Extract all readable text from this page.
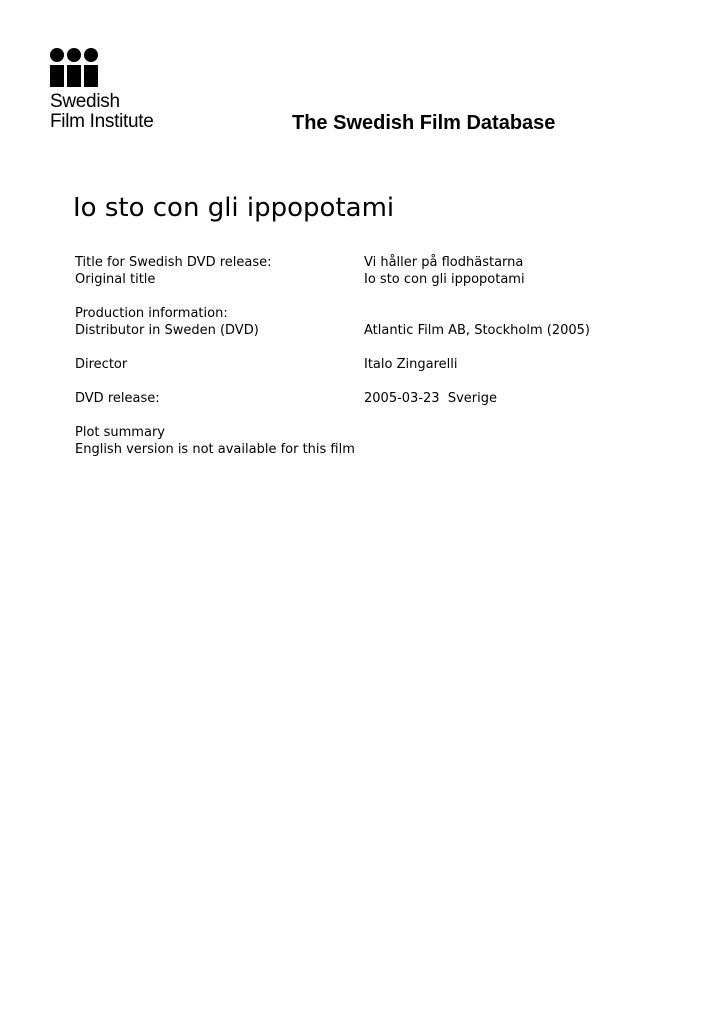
Swedish
Film Institute	The Swedish Film Database
Io sto con gli ippopotami
Title for Swedish DVD release:	Vi håller på flodhästarna
Original title	Io sto con gli ippopotami
Production information:
Distributor in Sweden (DVD)	Atlantic Film AB, Stockholm (2005)
Director	Italo Zingarelli
DVD release:	2005-03-23  Sverige
Plot summary
English version is not available for this film
